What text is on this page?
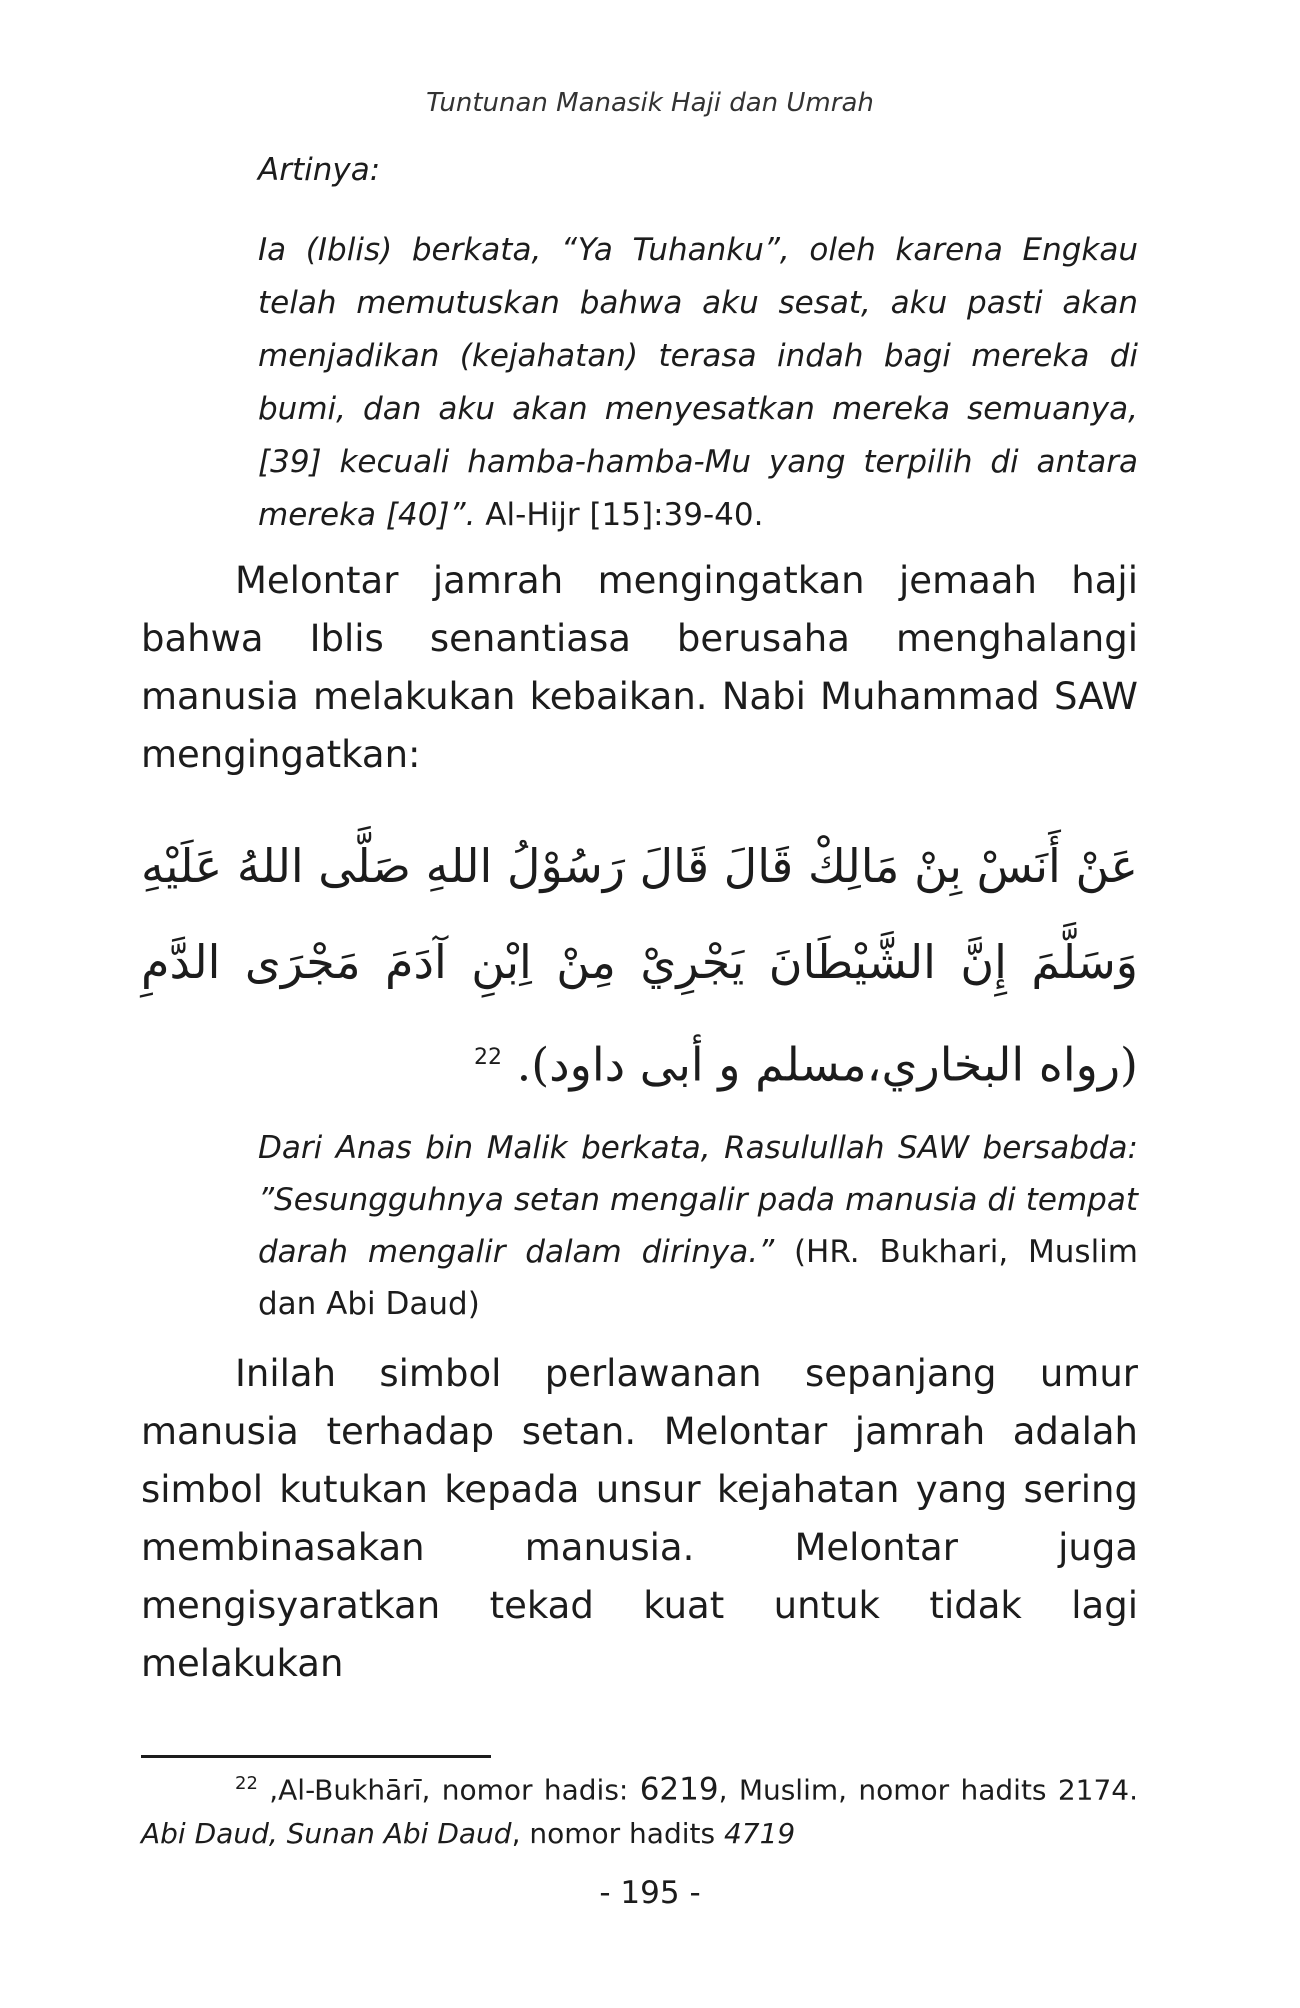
Tuntunan Manasik Haji dan Umrah
Artinya:
Ia (Iblis) berkata, “Ya Tuhanku”, oleh karena Engkau telah memutuskan bahwa aku sesat, aku pasti akan menjadikan (kejahatan) terasa indah bagi mereka di bumi, dan aku akan menyesatkan mereka semuanya, [39] kecuali hamba-hamba-Mu yang terpilih di antara mereka [40]”. Al-Hijr [15]:39-40.
Melontar jamrah mengingatkan jemaah haji bahwa Iblis senantiasa berusaha menghalangi manusia melakukan kebaikan. Nabi Muhammad SAW mengingatkan:
عَنْ أَنَسْ بِنْ مَالِكْ قَالَ قَالَ رَسُوْلُ اللهِ صَلَّى اللهُ عَلَيْهِ وَسَلَّمَ إِنَّ الشَّيْطَانَ يَجْرِيْ مِنْ اِبْنِ آدَمَ مَجْرَى الدَّمِ (رواه البخاري،مسلم و أبى داود). $^{22}$
Dari Anas bin Malik berkata, Rasulullah SAW bersabda: ”Sesungguhnya setan mengalir pada manusia di tempat darah mengalir dalam dirinya.” (HR. Bukhari, Muslim dan Abi Daud)
Inilah simbol perlawanan sepanjang umur manusia terhadap setan. Melontar jamrah adalah simbol kutukan kepada unsur kejahatan yang sering membinasakan manusia. Melontar juga mengisyaratkan tekad kuat untuk tidak lagi melakukan
$^{22}$ ,Al-Bukhārī, nomor hadis: 6219, Muslim, nomor hadits 2174. Abi Daud, Sunan Abi Daud, nomor hadits 4719
- 195 -
